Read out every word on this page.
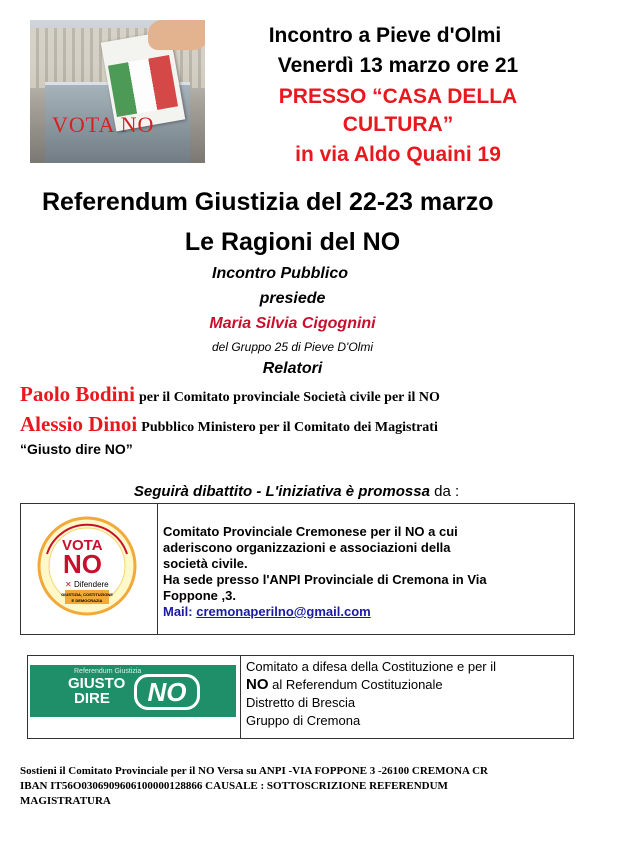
VOTA NO
Incontro a Pieve d'Olmi
Venerdì 13 marzo ore 21
PRESSO “CASA DELLA
CULTURA”
in via Aldo Quaini 19
Referendum Giustizia del 22-23 marzo
Le Ragioni del NO
Incontro Pubblico
presiede
Maria Silvia Cigognini
del Gruppo 25 di Pieve D'Olmi
Relatori
Paolo Bodini per il Comitato provinciale Società civile per il NO
Alessio Dinoi Pubblico Ministero per il Comitato dei Magistrati
“Giusto dire NO”
Seguirà dibattito - L'iniziativa è promossa da :
VOTA
NO
✕ Difendere
GIUSTIZIA, COSTITUZIONE
E DEMOCRAZIA
Comitato Provinciale Cremonese per il NO a cui
aderiscono organizzazioni e associazioni della
società civile.
Ha sede presso l'ANPI Provinciale di Cremona in Via
Foppone ,3.
Mail: cremonaperilno@gmail.com
Referendum Giustizia
GIUSTO
DIRE	NO
Comitato a difesa della Costituzione e per il
NO al Referendum Costituzionale
Distretto di Brescia
Gruppo di Cremona
Sostieni il Comitato Provinciale per il NO Versa su ANPI -VIA FOPPONE 3 -26100 CREMONA CR
IBAN IT56O0306909606100000128866 CAUSALE : SOTTOSCRIZIONE REFERENDUM
MAGISTRATURA
